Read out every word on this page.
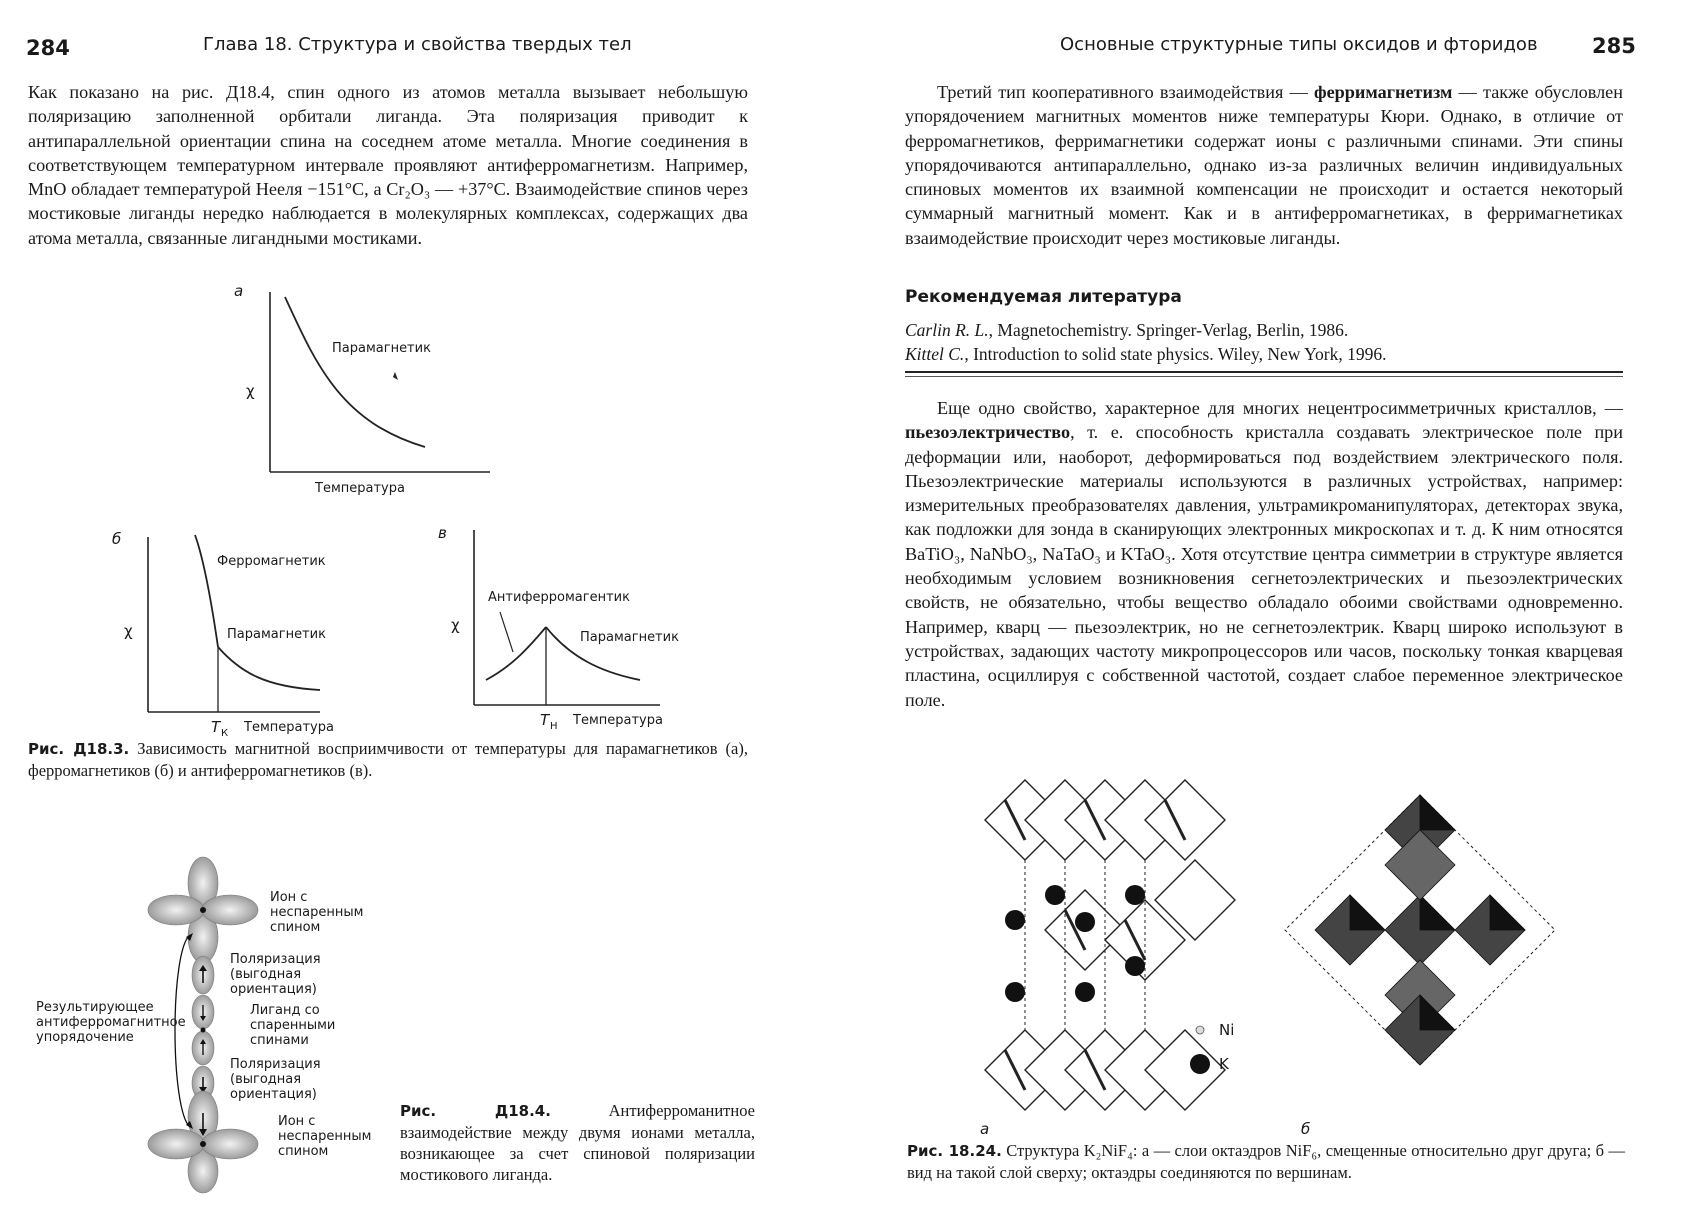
284	Глава 18. Структура и свойства твердых тел

Как показано на рис. Д18.4, спин одного из атомов металла вызывает небольшую поляризацию заполненной орбитали лиганда. Эта поляризация приводит к антипараллельной ориентации спина на соседнем атоме металла. Многие соединения в соответствующем температурном интервале проявляют антиферромагнетизм. Например, MnO обладает температурой Нееля −151°C, а Cr₂O₃ — +37°C. Взаимодействие спинов через мостиковые лиганды нередко наблюдается в молекулярных комплексах, содержащих два атома металла, связанные лигандными мостиками.

а
χ
Парамагнетик
Температура
б
χ
Ферромагнетик
Парамагнетик
T К Температура
в
χ
Антиферромагентик
Парамагнетик
T Н Температура
Рис. Д18.3. Зависимость магнитной восприимчивости от температуры для парамагнетиков (а), ферромагнетиков (б) и антиферромагнетиков (в).
Ион с
неспаренным
спином
Поляризация
(выгодная
ориентация)
Лиганд со
спаренными
спинами
Поляризация
(выгодная
ориентация)
Ион с
неспаренным
спином
Результирующее
антиферромагнитное
упорядочение
Рис. Д18.4. Антиферроманитное взаимодействие между двумя ионами металла, возникающее за счет спиновой поляризации мостикового лиганда.
Основные структурные типы оксидов и фторидов	285

Третий тип кооперативного взаимодействия — ферримагнетизм — также обусловлен упорядочением магнитных моментов ниже температуры Кюри. Однако, в отличие от ферромагнетиков, ферримагнетики содержат ионы с различными спинами. Эти спины упорядочиваются антипараллельно, однако из-за различных величин индивидуальных спиновых моментов их взаимной компенсации не происходит и остается некоторый суммарный магнитный момент. Как и в антиферромагнетиках, в ферримагнетиках взаимодействие происходит через мостиковые лиганды.

Рекомендуемая литература
Carlin R. L., Magnetochemistry. Springer-Verlag, Berlin, 1986.
Kittel C., Introduction to solid state physics. Wiley, New York, 1996.

Еще одно свойство, характерное для многих нецентросимметричных кристаллов, — пьезоэлектричество, т. е. способность кристалла создавать электрическое поле при деформации или, наоборот, деформироваться под воздействием электрического поля. Пьезоэлектрические материалы используются в различных устройствах, например: измерительных преобразователях давления, ультрамикроманипуляторах, детекторах звука, как подложки для зонда в сканирующих электронных микроскопах и т. д. К ним относятся BaTiO₃, NaNbO₃, NaTaO₃ и KTaO₃. Хотя отсутствие центра симметрии в структуре является необходимым условием возникновения сегнетоэлектрических и пьезоэлектрических свойств, не обязательно, чтобы вещество обладало обоими свойствами одновременно. Например, кварц — пьезоэлектрик, но не сегнетоэлектрик. Кварц широко используют в устройствах, задающих частоту микропроцессоров или часов, поскольку тонкая кварцевая пластина, осциллируя с собственной частотой, создает слабое переменное электрическое поле.

Ni
K
а	б
Рис. 18.24. Структура K₂NiF₄: а — слои октаэдров NiF₆, смещенные относительно друг друга; б — вид на такой слой сверху; октаэдры соединяются по вершинам.
